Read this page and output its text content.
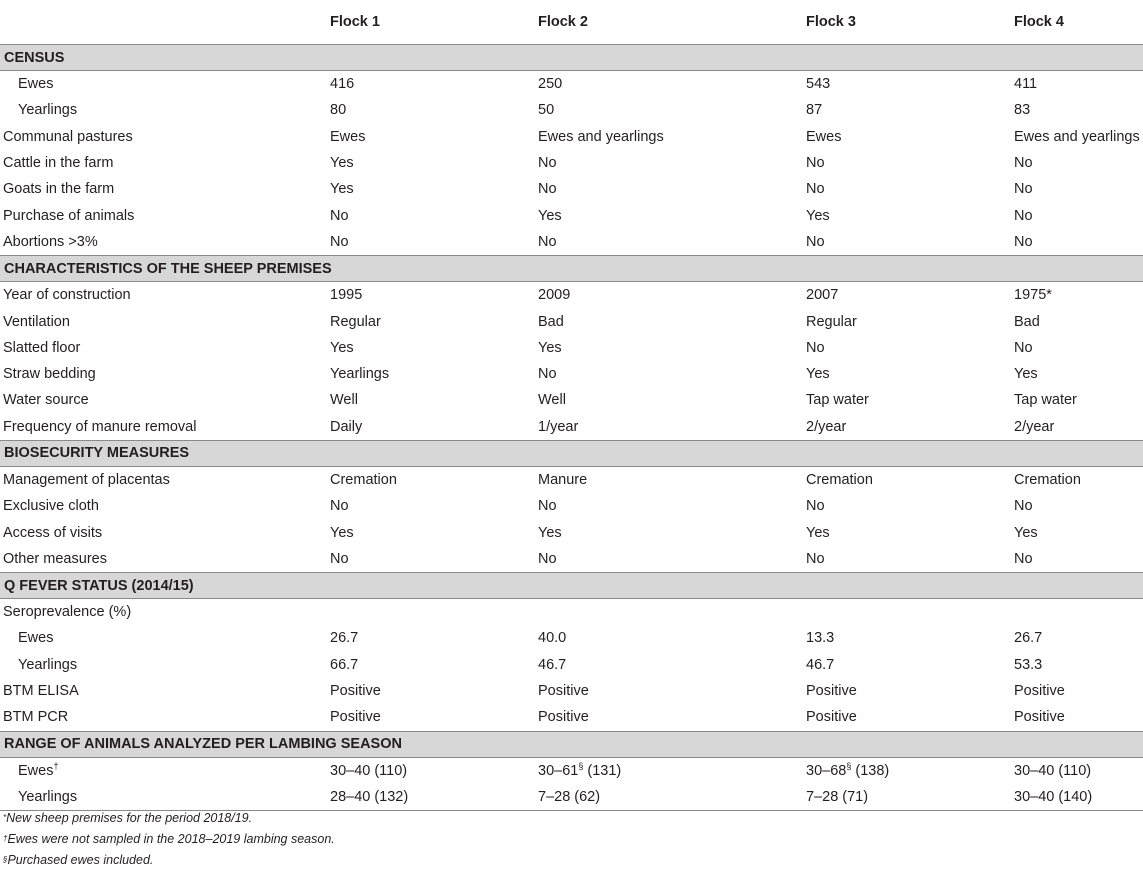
	Flock 1	Flock 2	Flock 3	Flock 4
CENSUS				
Ewes	416	250	543	411
Yearlings	80	50	87	83
Communal pastures	Ewes	Ewes and yearlings	Ewes	Ewes and yearlings
Cattle in the farm	Yes	No	No	No
Goats in the farm	Yes	No	No	No
Purchase of animals	No	Yes	Yes	No
Abortions >3%	No	No	No	No
CHARACTERISTICS OF THE SHEEP PREMISES				
Year of construction	1995	2009	2007	1975*
Ventilation	Regular	Bad	Regular	Bad
Slatted floor	Yes	Yes	No	No
Straw bedding	Yearlings	No	Yes	Yes
Water source	Well	Well	Tap water	Tap water
Frequency of manure removal	Daily	1/year	2/year	2/year
BIOSECURITY MEASURES				
Management of placentas	Cremation	Manure	Cremation	Cremation
Exclusive cloth	No	No	No	No
Access of visits	Yes	Yes	Yes	Yes
Other measures	No	No	No	No
Q FEVER STATUS (2014/15)				
Seroprevalence (%)				
Ewes	26.7	40.0	13.3	26.7
Yearlings	66.7	46.7	46.7	53.3
BTM ELISA	Positive	Positive	Positive	Positive
BTM PCR	Positive	Positive	Positive	Positive
RANGE OF ANIMALS ANALYZED PER LAMBING SEASON				
Ewes†	30–40 (110)	30–61§ (131)	30–68§ (138)	30–40 (110)
Yearlings	28–40 (132)	7–28 (62)	7–28 (71)	30–40 (140)
*New sheep premises for the period 2018/19.
†Ewes were not sampled in the 2018–2019 lambing season.
§Purchased ewes included.
